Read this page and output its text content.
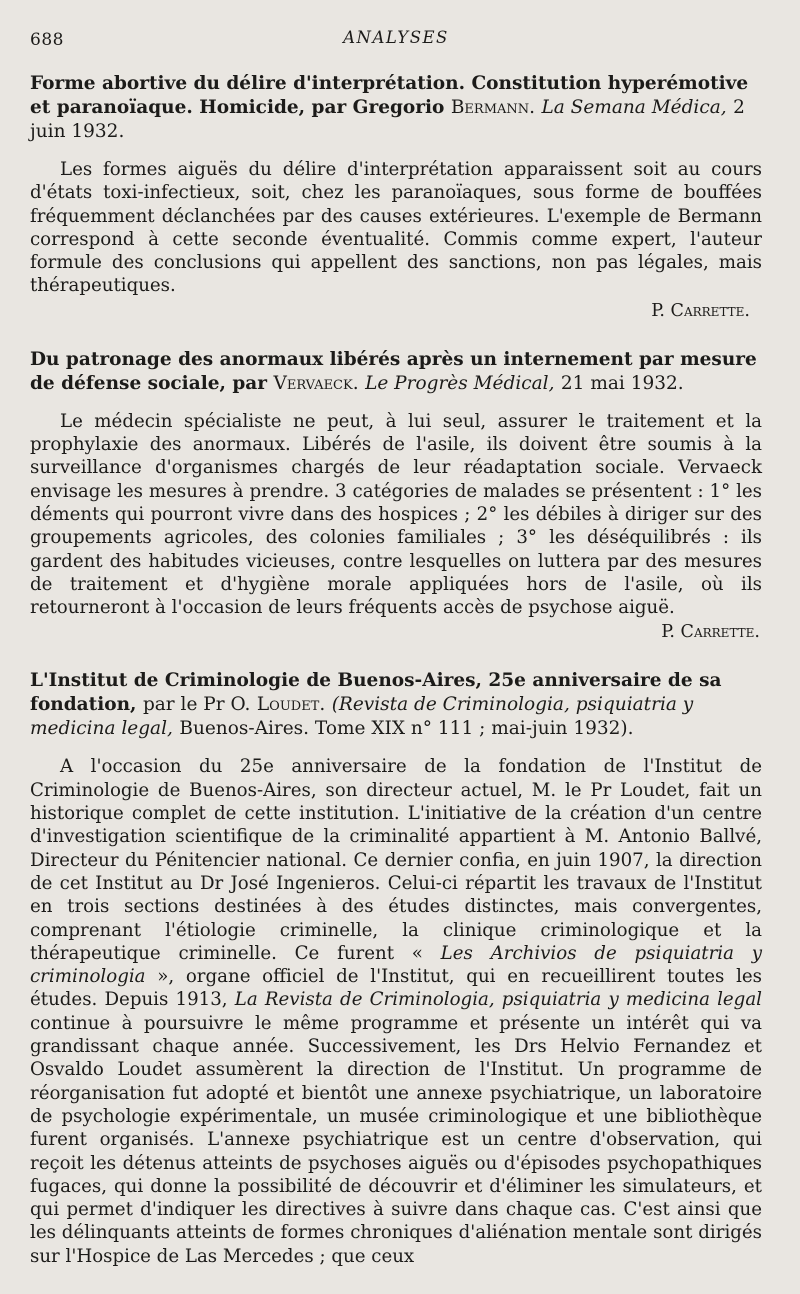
688	ANALYSES

Forme abortive du délire d'interprétation. Constitution hyperémotive et paranoïaque. Homicide, par Gregorio Bermann. La Semana Médica, 2 juin 1932.

Les formes aiguës du délire d'interprétation apparaissent soit au cours d'états toxi-infectieux, soit, chez les paranoïaques, sous forme de bouffées fréquemment déclanchées par des causes extérieures. L'exemple de Bermann correspond à cette seconde éventualité. Commis comme expert, l'auteur formule des conclusions qui appellent des sanctions, non pas légales, mais thérapeutiques.

P. Carrette.

Du patronage des anormaux libérés après un internement par mesure de défense sociale, par Vervaeck. Le Progrès Médical, 21 mai 1932.

Le médecin spécialiste ne peut, à lui seul, assurer le traitement et la prophylaxie des anormaux. Libérés de l'asile, ils doivent être soumis à la surveillance d'organismes chargés de leur réadaptation sociale. Vervaeck envisage les mesures à prendre. 3 catégories de malades se présentent : 1° les déments qui pourront vivre dans des hospices ; 2° les débiles à diriger sur des groupements agricoles, des colonies familiales ; 3° les déséquilibrés : ils gardent des habitudes vicieuses, contre lesquelles on luttera par des mesures de traitement et d'hygiène morale appliquées hors de l'asile, où ils retourneront à l'occasion de leurs fréquents accès de psychose aiguë.

P. Carrette.

L'Institut de Criminologie de Buenos-Aires, 25e anniversaire de sa fondation, par le Pr O. Loudet. (Revista de Criminologia, psiquiatria y medicina legal, Buenos-Aires. Tome XIX n° 111 ; mai-juin 1932).

A l'occasion du 25e anniversaire de la fondation de l'Institut de Criminologie de Buenos-Aires, son directeur actuel, M. le Pr Loudet, fait un historique complet de cette institution. L'initiative de la création d'un centre d'investigation scientifique de la criminalité appartient à M. Antonio Ballvé, Directeur du Pénitencier national. Ce dernier confia, en juin 1907, la direction de cet Institut au Dr José Ingenieros. Celui-ci répartit les travaux de l'Institut en trois sections destinées à des études distinctes, mais convergentes, comprenant l'étiologie criminelle, la clinique criminologique et la thérapeutique criminelle. Ce furent « Les Archivios de psiquiatria y criminologia », organe officiel de l'Institut, qui en recueillirent toutes les études. Depuis 1913, La Revista de Criminologia, psiquiatria y medicina legal continue à poursuivre le même programme et présente un intérêt qui va grandissant chaque année. Successivement, les Drs Helvio Fernandez et Osvaldo Loudet assumèrent la direction de l'Institut. Un programme de réorganisation fut adopté et bientôt une annexe psychiatrique, un laboratoire de psychologie expérimentale, un musée criminologique et une bibliothèque furent organisés. L'annexe psychiatrique est un centre d'observation, qui reçoit les détenus atteints de psychoses aiguës ou d'épisodes psychopathiques fugaces, qui donne la possibilité de découvrir et d'éliminer les simulateurs, et qui permet d'indiquer les directives à suivre dans chaque cas. C'est ainsi que les délinquants atteints de formes chroniques d'aliénation mentale sont dirigés sur l'Hospice de Las Mercedes ; que ceux
